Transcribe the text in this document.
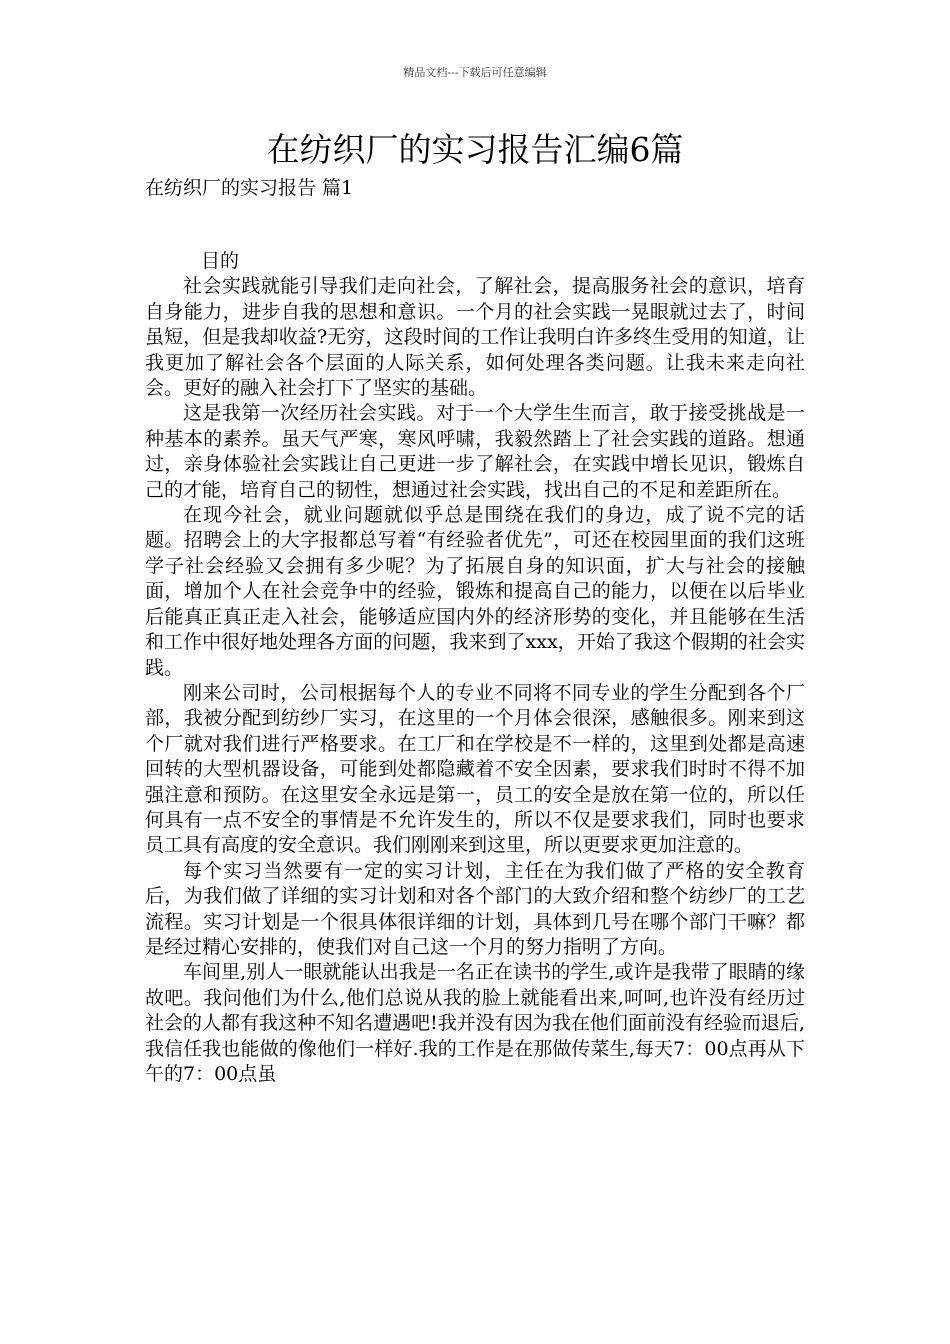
精品文档---下载后可任意编辑
在纺织厂的实习报告汇编6篇
在纺织厂的实习报告 篇1

目的

社会实践就能引导我们走向社会，了解社会，提高服务社会的意识，培育自身能力，进步自我的思想和意识。一个月的社会实践一晃眼就过去了，时间虽短，但是我却收益?无穷，这段时间的工作让我明白许多终生受用的知道，让我更加了解社会各个层面的人际关系，如何处理各类问题。让我未来走向社会。更好的融入社会打下了坚实的基础。

这是我第一次经历社会实践。对于一个大学生生而言，敢于接受挑战是一种基本的素养。虽天气严寒，寒风呼啸，我毅然踏上了社会实践的道路。想通过，亲身体验社会实践让自己更进一步了解社会，在实践中增长见识，锻炼自己的才能，培育自己的韧性，想通过社会实践，找出自己的不足和差距所在。

在现今社会，就业问题就似乎总是围绕在我们的身边，成了说不完的话题。招聘会上的大字报都总写着“有经验者优先”，可还在校园里面的我们这班学子社会经验又会拥有多少呢？为了拓展自身的知识面，扩大与社会的接触面，增加个人在社会竞争中的经验，锻炼和提高自己的能力，以便在以后毕业后能真正真正走入社会，能够适应国内外的经济形势的变化，并且能够在生活和工作中很好地处理各方面的问题，我来到了xxx，开始了我这个假期的社会实践。

刚来公司时，公司根据每个人的专业不同将不同专业的学生分配到各个厂部，我被分配到纺纱厂实习，在这里的一个月体会很深，感触很多。刚来到这个厂就对我们进行严格要求。在工厂和在学校是不一样的，这里到处都是高速回转的大型机器设备，可能到处都隐藏着不安全因素，要求我们时时不得不加强注意和预防。在这里安全永远是第一，员工的安全是放在第一位的，所以任何具有一点不安全的事情是不允许发生的，所以不仅是要求我们，同时也要求员工具有高度的安全意识。我们刚刚来到这里，所以更要求更加注意的。

每个实习当然要有一定的实习计划，主任在为我们做了严格的安全教育后，为我们做了详细的实习计划和对各个部门的大致介绍和整个纺纱厂的工艺流程。实习计划是一个很具体很详细的计划，具体到几号在哪个部门干嘛？都是经过精心安排的，使我们对自己这一个月的努力指明了方向。

车间里,别人一眼就能认出我是一名正在读书的学生,或许是我带了眼睛的缘故吧。我问他们为什么,他们总说从我的脸上就能看出来,呵呵,也许没有经历过社会的人都有我这种不知名遭遇吧!我并没有因为我在他们面前没有经验而退后,我信任我也能做的像他们一样好.我的工作是在那做传菜生,每天7：00点再从下午的7：00点虽
